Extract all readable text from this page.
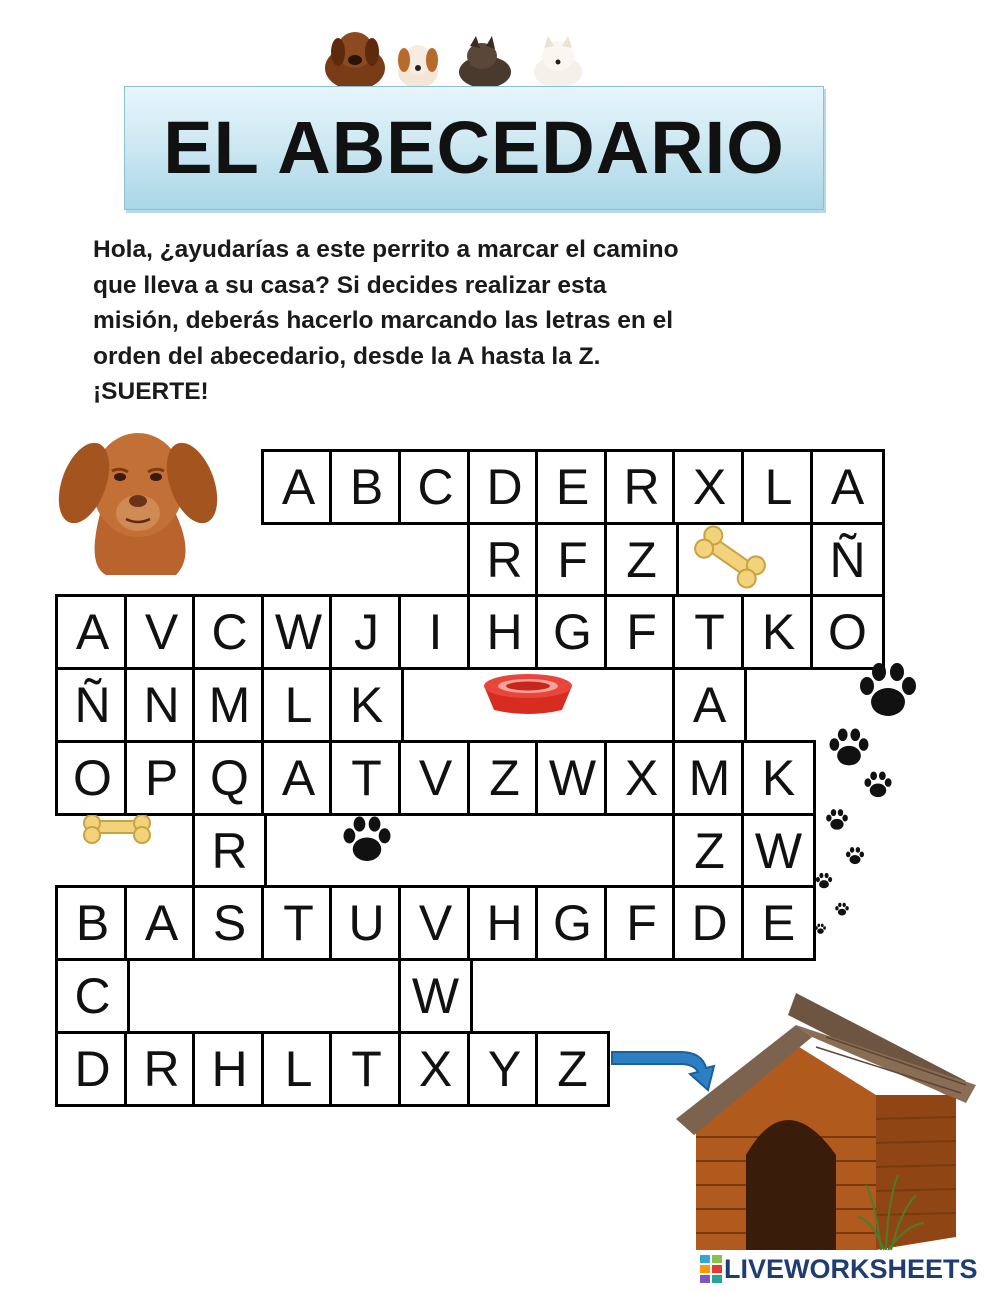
EL ABECEDARIO
Hola, ¿ayudarías a este perrito a marcar el camino
que lleva a su casa? Si decides realizar esta
misión, deberás hacerlo marcando las letras en el
orden del abecedario, desde la A hasta la Z.
¡SUERTE!
A B C D E R X L A
R F Z	Ñ
A V C W J I H G F T K O
Ñ N M L K	A
O P Q A T V Z W X M K
R	Z W
B A S T U V H G F D E
C	W
D R H L T X Y Z
LIVEWORKSHEETS
